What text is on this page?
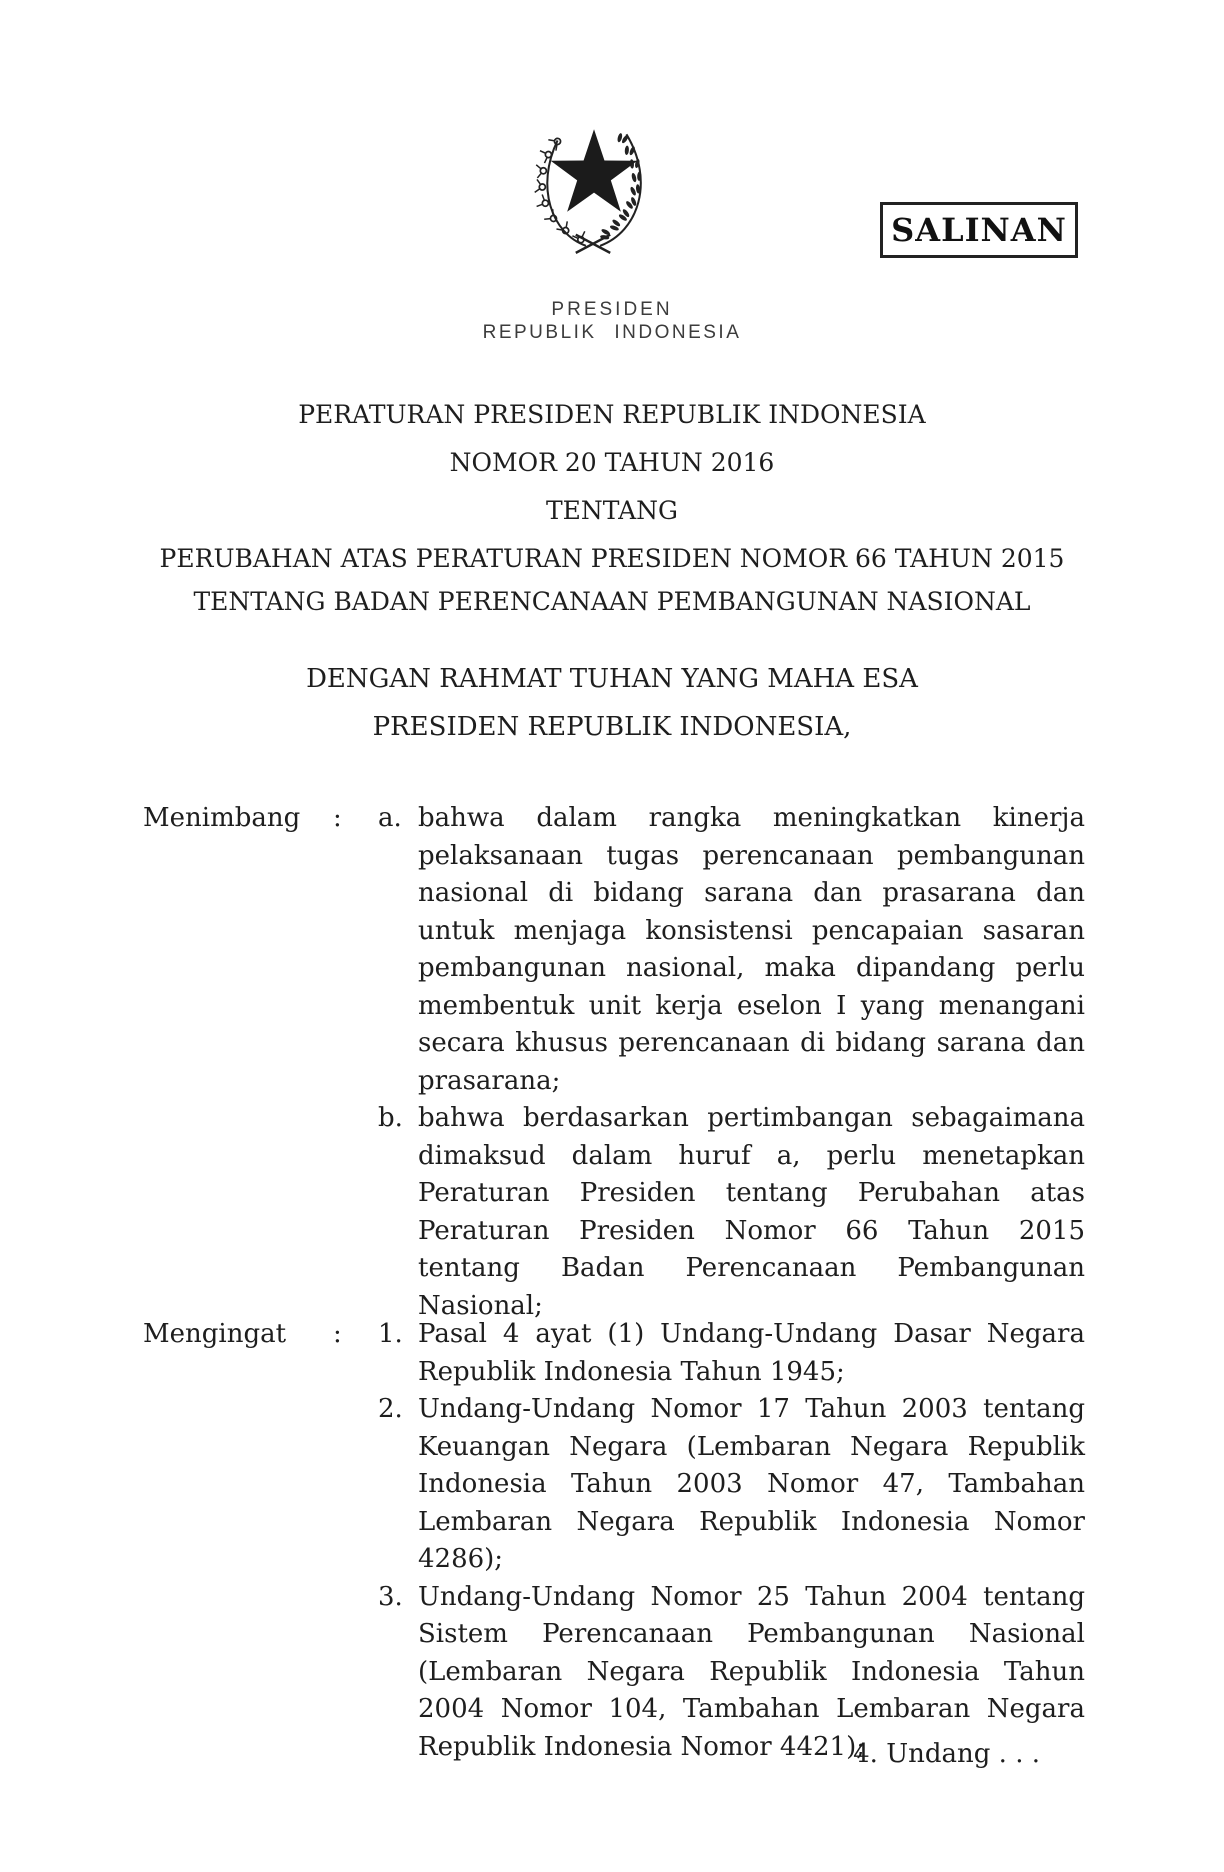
SALINAN
PRESIDEN
REPUBLIK INDONESIA
PERATURAN PRESIDEN REPUBLIK INDONESIA
NOMOR 20 TAHUN 2016
TENTANG
PERUBAHAN ATAS PERATURAN PRESIDEN NOMOR 66 TAHUN 2015
TENTANG BADAN PERENCANAAN PEMBANGUNAN NASIONAL
DENGAN RAHMAT TUHAN YANG MAHA ESA
PRESIDEN REPUBLIK INDONESIA,
Menimbang	:	a. bahwa dalam rangka meningkatkan kinerja pelaksanaan tugas perencanaan pembangunan nasional di bidang sarana dan prasarana dan untuk menjaga konsistensi pencapaian sasaran pembangunan nasional, maka dipandang perlu membentuk unit kerja eselon I yang menangani secara khusus perencanaan di bidang sarana dan prasarana;
b. bahwa berdasarkan pertimbangan sebagaimana dimaksud dalam huruf a, perlu menetapkan Peraturan Presiden tentang Perubahan atas Peraturan Presiden Nomor 66 Tahun 2015 tentang Badan Perencanaan Pembangunan Nasional;
Mengingat	:	1. Pasal 4 ayat (1) Undang-Undang Dasar Negara Republik Indonesia Tahun 1945;
2. Undang-Undang Nomor 17 Tahun 2003 tentang Keuangan Negara (Lembaran Negara Republik Indonesia Tahun 2003 Nomor 47, Tambahan Lembaran Negara Republik Indonesia Nomor 4286);
3. Undang-Undang Nomor 25 Tahun 2004 tentang Sistem Perencanaan Pembangunan Nasional (Lembaran Negara Republik Indonesia Tahun 2004 Nomor 104, Tambahan Lembaran Negara Republik Indonesia Nomor 4421);
4. Undang . . .
